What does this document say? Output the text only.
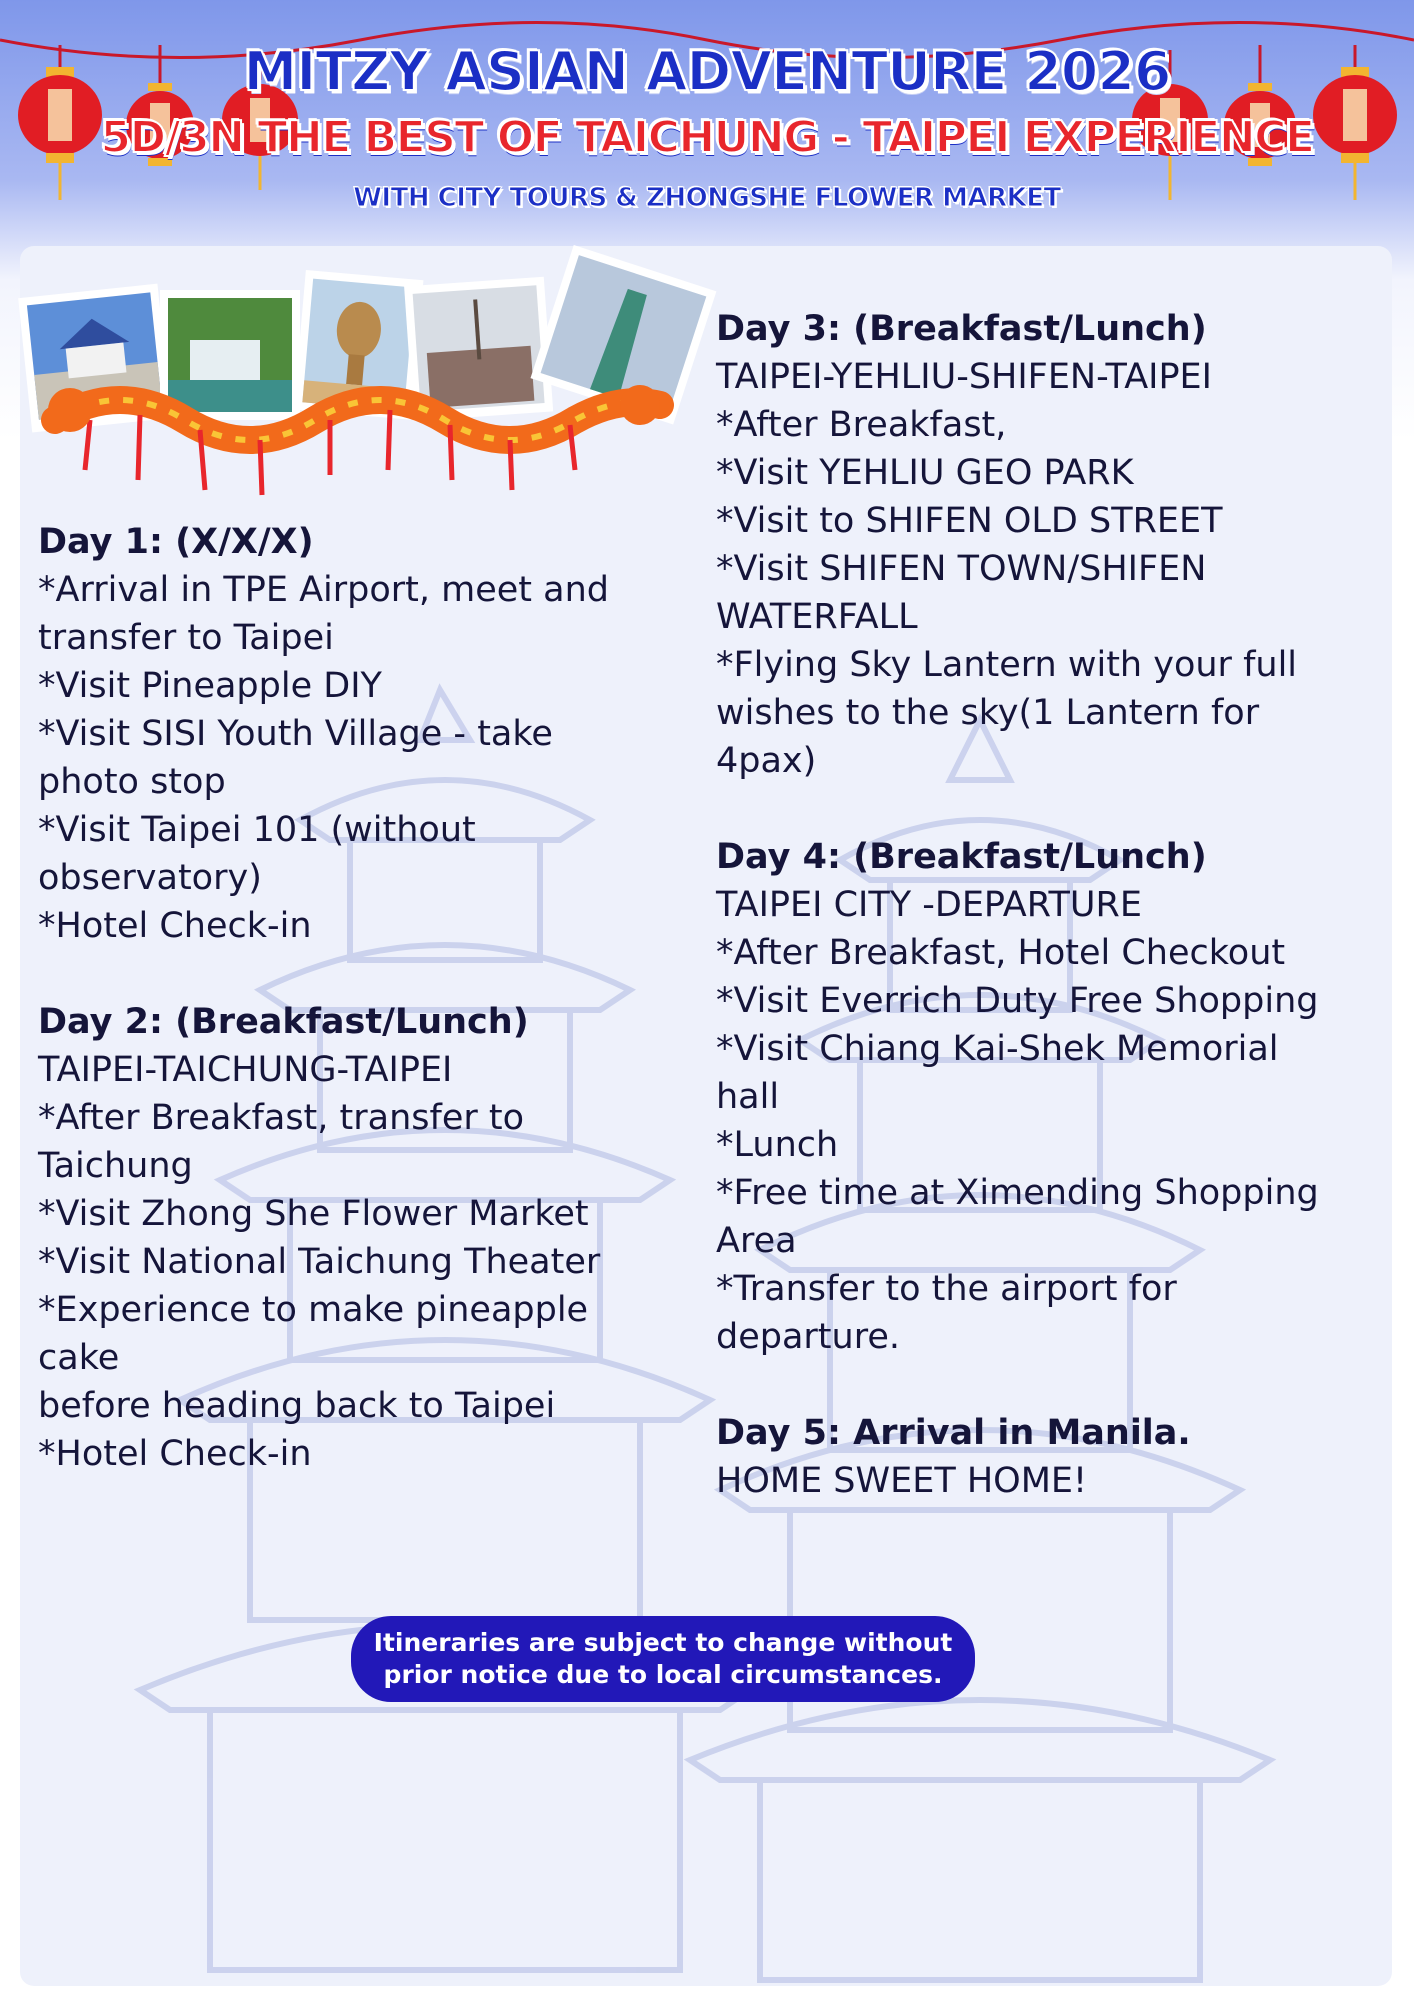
MITZY ASIAN ADVENTURE 2026
5D/3N THE BEST OF TAICHUNG - TAIPEI EXPERIENCE
WITH CITY TOURS & ZHONGSHE FLOWER MARKET
Day 1: (X/X/X)
*Arrival in TPE Airport, meet and
transfer to Taipei
*Visit Pineapple DIY
*Visit SISI Youth Village - take
photo stop
*Visit Taipei 101 (without
observatory)
*Hotel Check-in
Day 2: (Breakfast/Lunch)
TAIPEI-TAICHUNG-TAIPEI
*After Breakfast, transfer to
Taichung
*Visit Zhong She Flower Market
*Visit National Taichung Theater
*Experience to make pineapple
cake
before heading back to Taipei
*Hotel Check-in
Day 3: (Breakfast/Lunch)
TAIPEI-YEHLIU-SHIFEN-TAIPEI
*After Breakfast,
*Visit YEHLIU GEO PARK
*Visit to SHIFEN OLD STREET
*Visit SHIFEN TOWN/SHIFEN
WATERFALL
*Flying Sky Lantern with your full
wishes to the sky(1 Lantern for
4pax)
Day 4: (Breakfast/Lunch)
TAIPEI CITY -DEPARTURE
*After Breakfast, Hotel Checkout
*Visit Everrich Duty Free Shopping
*Visit Chiang Kai-Shek Memorial
hall
*Lunch
*Free time at Ximending Shopping
Area
*Transfer to the airport for
departure.
Day 5: Arrival in Manila.
HOME SWEET HOME!
Itineraries are subject to change without
prior notice due to local circumstances.
